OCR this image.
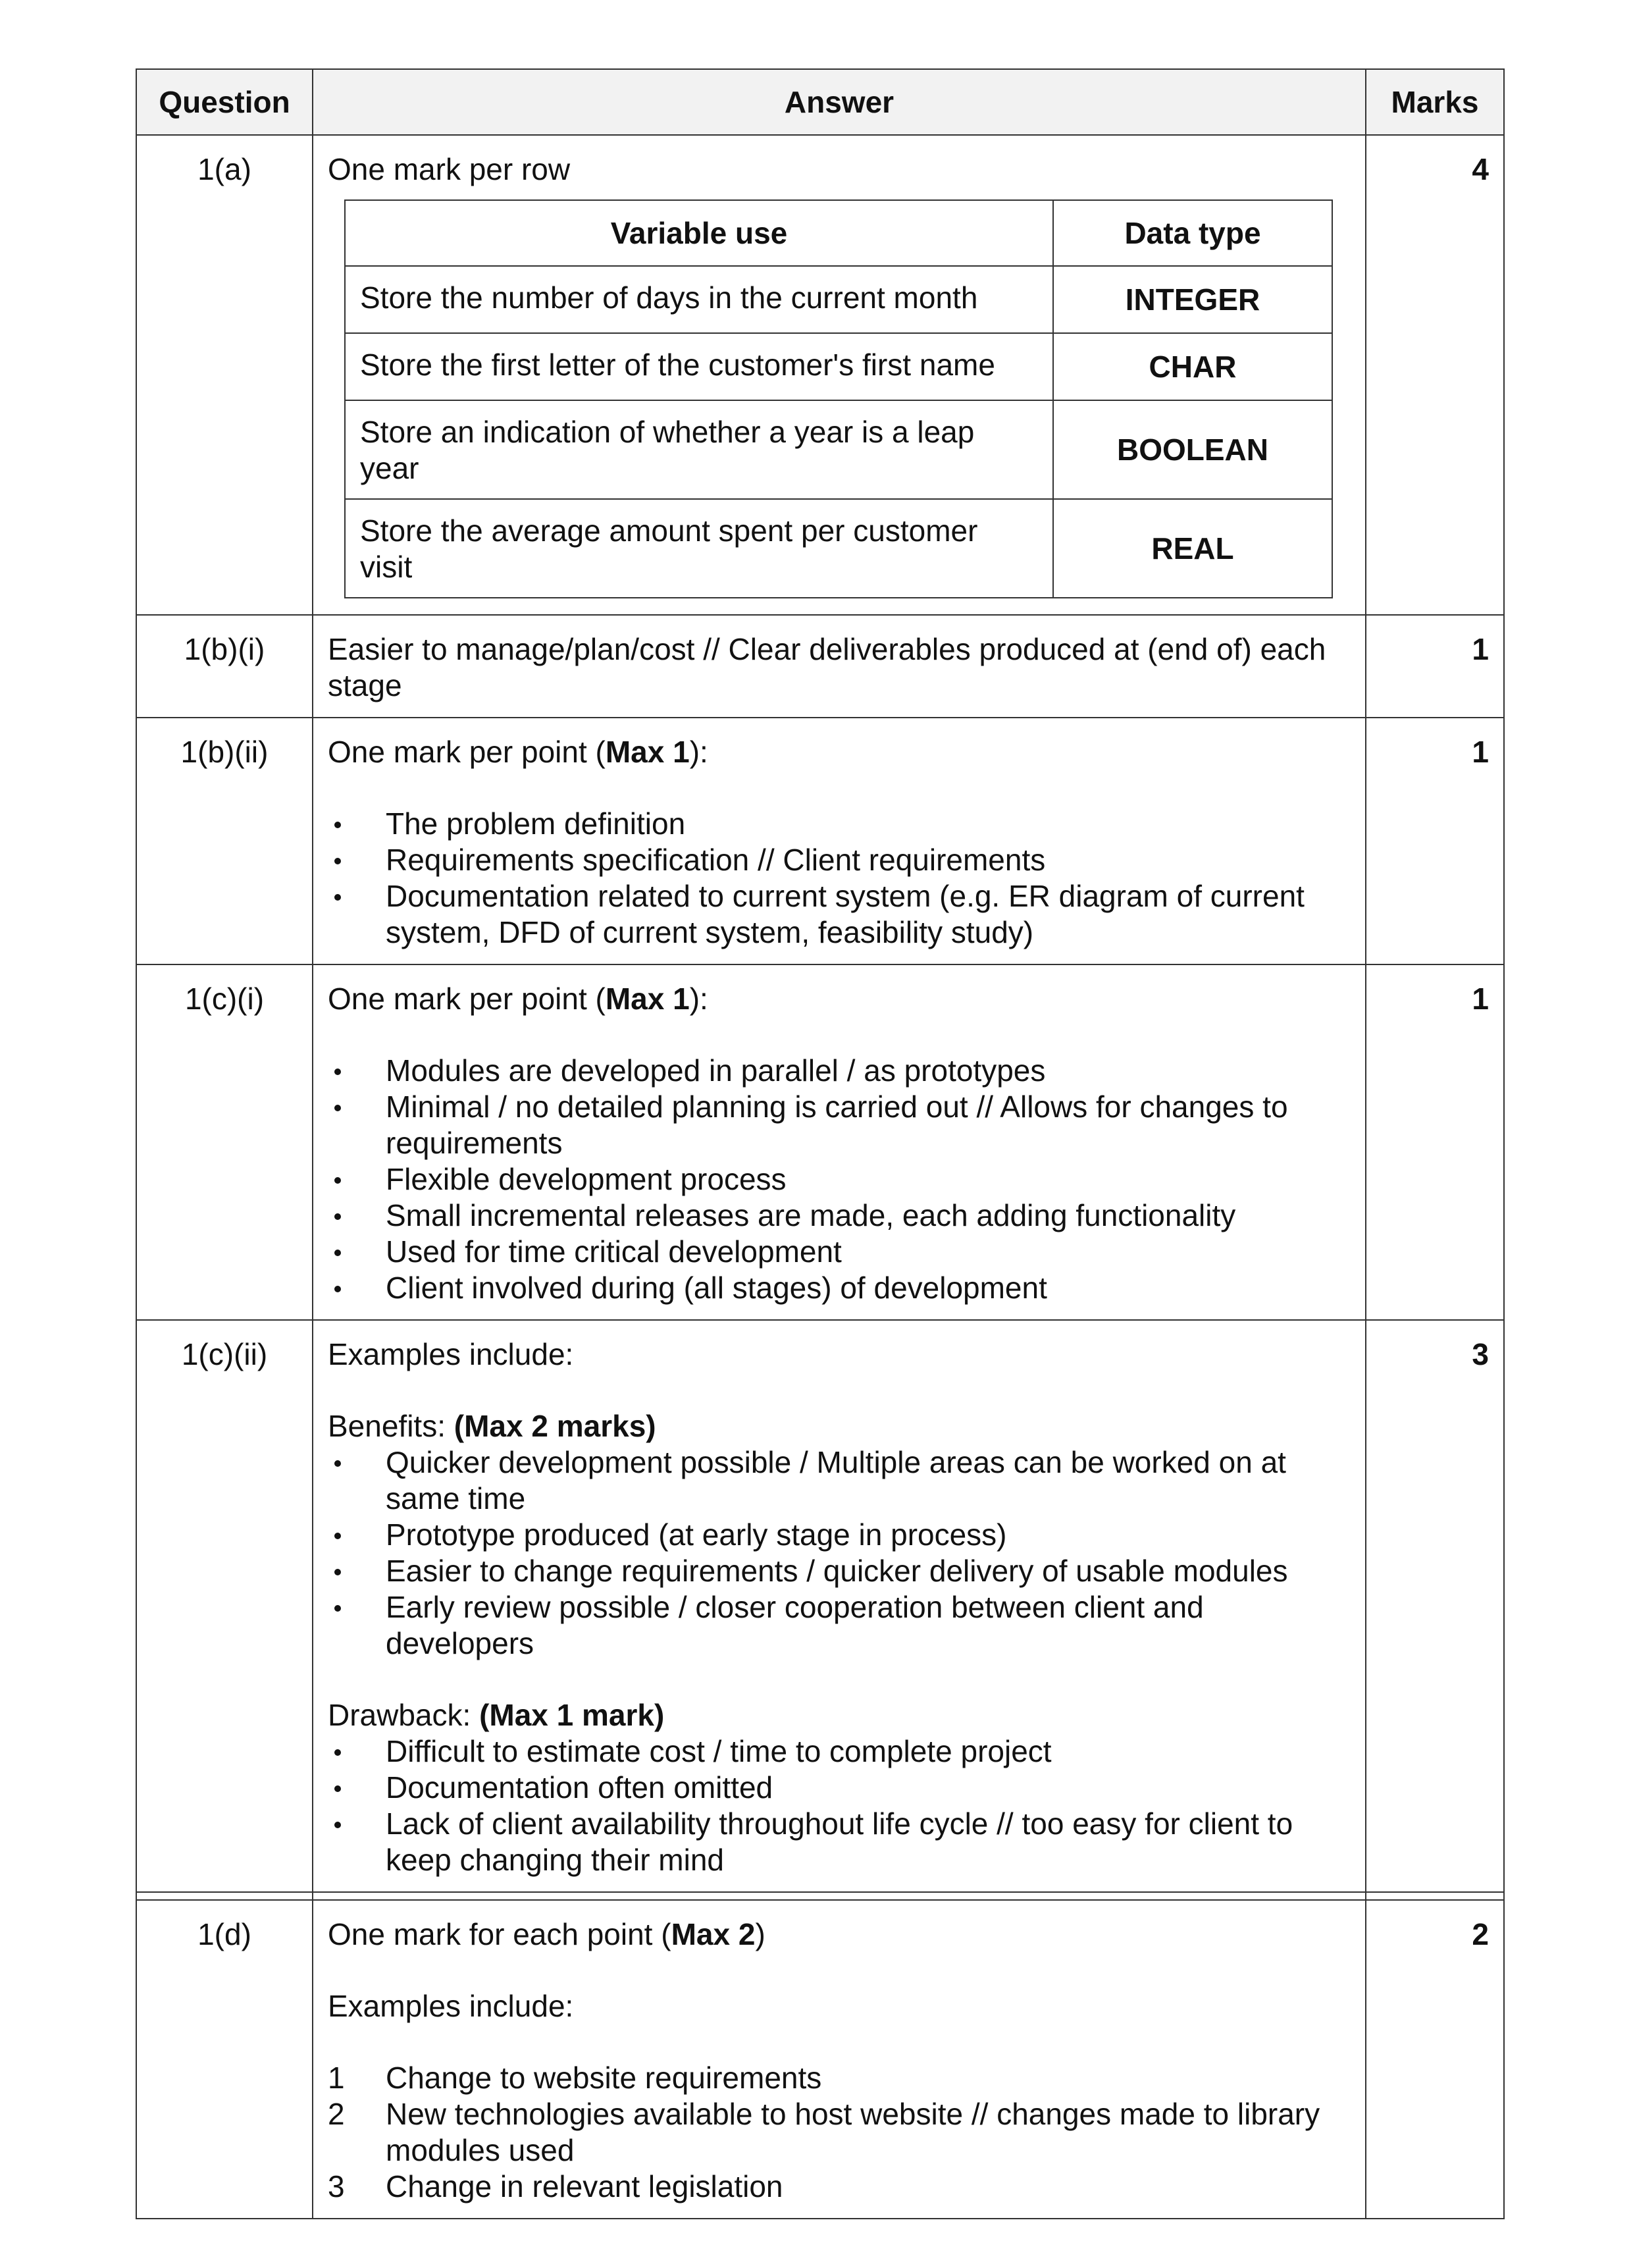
Question	Answer	Marks
1(a)	One mark per row

Variable use	Data type
Store the number of days in the current month	INTEGER
Store the first letter of the customer's first name	CHAR
Store an indication of whether a year is a leap year	BOOLEAN
Store the average amount spent per customer visit	REAL
	4
1(b)(i)	Easier to manage/plan/cost // Clear deliverables produced at (end of) each stage

	1
1(b)(ii)	One mark per point (Max 1):

The problem definition
Requirements specification // Client requirements
Documentation related to current system (e.g. ER diagram of current system, DFD of current system, feasibility study)
	1
1(c)(i)	One mark per point (Max 1):

Modules are developed in parallel / as prototypes
Minimal / no detailed planning is carried out // Allows for changes to requirements
Flexible development process
Small incremental releases are made, each adding functionality
Used for time critical development
Client involved during (all stages) of development
	1
1(c)(ii)	Examples include:

Benefits: (Max 2 marks)

Quicker development possible / Multiple areas can be worked on at same time
Prototype produced (at early stage in process)
Easier to change requirements / quicker delivery of usable modules
Early review possible / closer cooperation between client and developers

Drawback: (Max 1 mark)

Difficult to estimate cost / time to complete project
Documentation often omitted
Lack of client availability throughout life cycle // too easy for client to keep changing their mind
	3

1(d)	One mark for each point (Max 2)

Examples include:

1 Change to website requirements
2 New technologies available to host website // changes made to library modules used
3 Change in relevant legislation
	2
